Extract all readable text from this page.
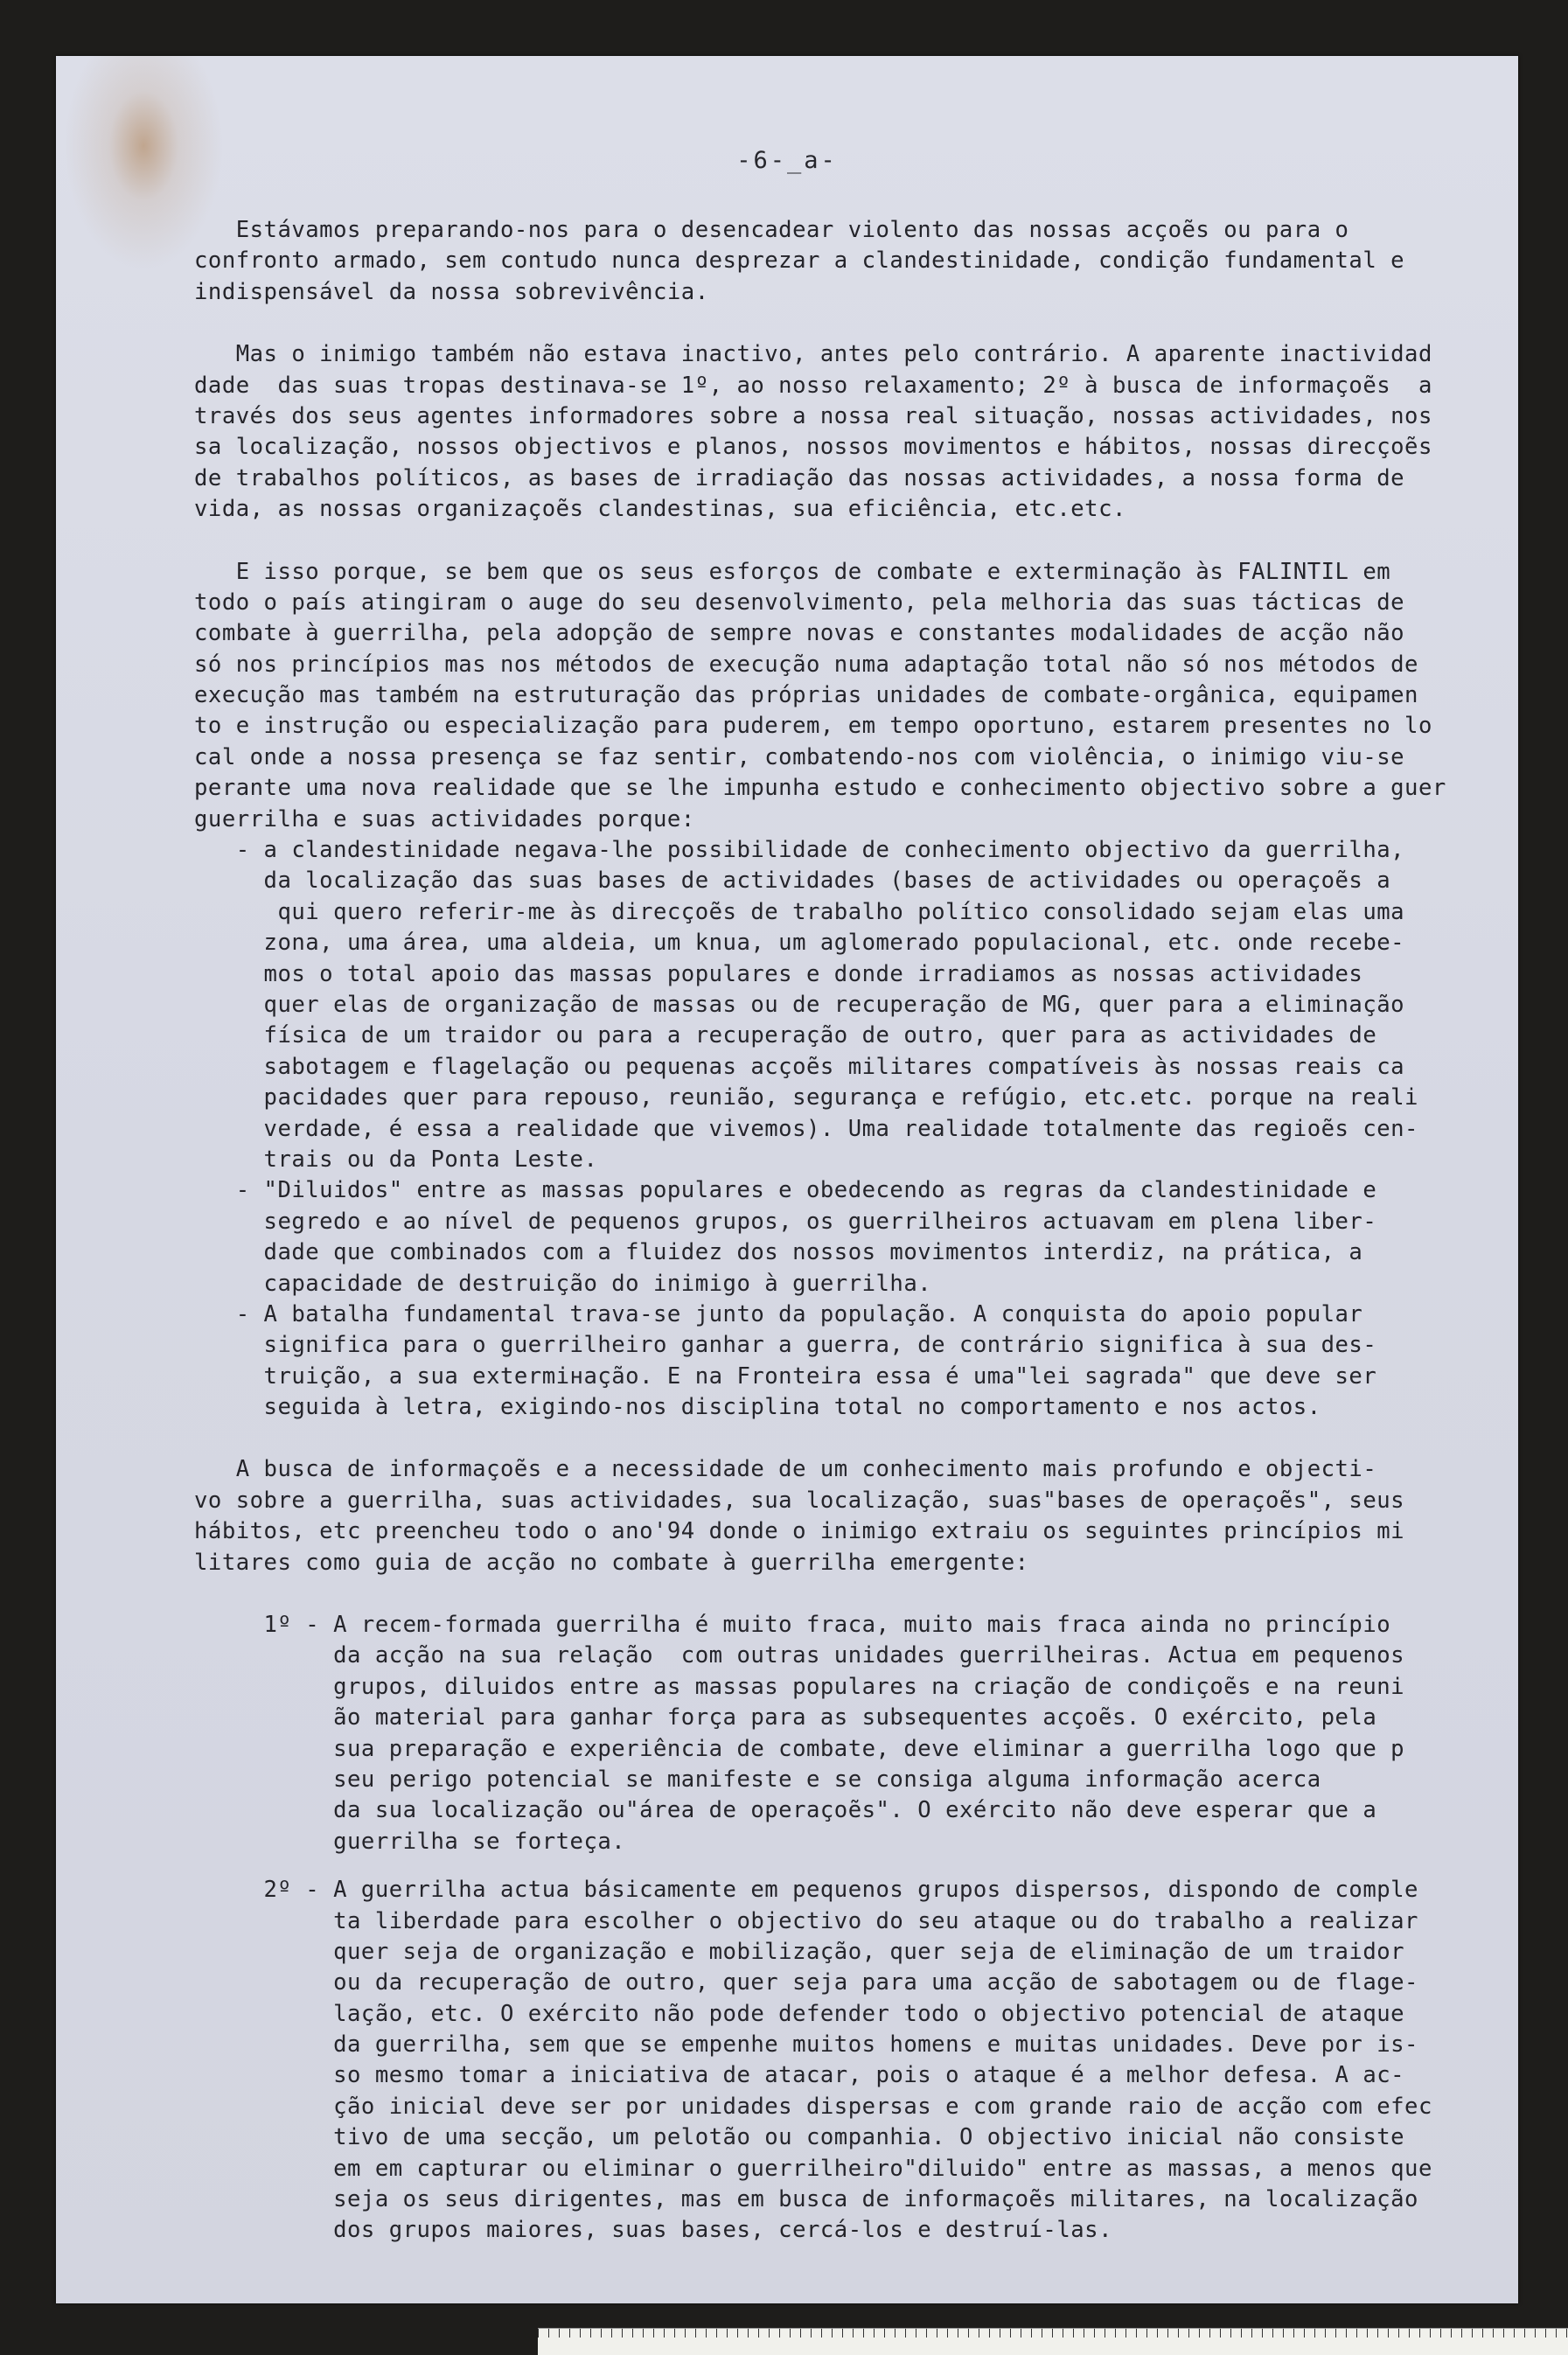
-6-_a-
Estávamos preparando-nos para o desencadear violento das nossas acçoẽs ou para o
confronto armado, sem contudo nunca desprezar a clandestinidade, condição fundamental e
indispensável da nossa sobrevivência.
Mas o inimigo também não estava inactivo, antes pelo contrário. A aparente inactividad
dade  das suas tropas destinava-se 1º, ao nosso relaxamento; 2º à busca de informaçoẽs  a
través dos seus agentes informadores sobre a nossa real situação, nossas actividades, nos
sa localização, nossos objectivos e planos, nossos movimentos e hábitos, nossas direcçoẽs
de trabalhos políticos, as bases de irradiação das nossas actividades, a nossa forma de
vida, as nossas organizaçoẽs clandestinas, sua eficiência, etc.etc.
E isso porque, se bem que os seus esforços de combate e exterminação às FALINTIL em
todo o país atingiram o auge do seu desenvolvimento, pela melhoria das suas tácticas de
combate à guerrilha, pela adopção de sempre novas e constantes modalidades de acção não
só nos princípios mas nos métodos de execução numa adaptação total não só nos métodos de
execução mas também na estruturação das próprias unidades de combate-orgânica, equipamen
to e instrução ou especialização para puderem, em tempo oportuno, estarem presentes no lo
cal onde a nossa presença se faz sentir, combatendo-nos com violência, o inimigo viu-se
perante uma nova realidade que se lhe impunha estudo e conhecimento objectivo sobre a guer
guerrilha e suas actividades porque:
- a clandestinidade negava-lhe possibilidade de conhecimento objectivo da guerrilha,
da localização das suas bases de actividades (bases de actividades ou operaçoẽs a
qui quero referir-me às direcçoẽs de trabalho político consolidado sejam elas uma
zona, uma área, uma aldeia, um knua, um aglomerado populacional, etc. onde recebe-
mos o total apoio das massas populares e donde irradiamos as nossas actividades
quer elas de organização de massas ou de recuperação de MG, quer para a eliminação
física de um traidor ou para a recuperação de outro, quer para as actividades de
sabotagem e flagelação ou pequenas acçoẽs militares compatíveis às nossas reais ca
pacidades quer para repouso, reunião, segurança e refúgio, etc.etc. porque na reali
verdade, é essa a realidade que vivemos). Uma realidade totalmente das regioẽs cen-
trais ou da Ponta Leste.
- "Diluidos" entre as massas populares e obedecendo as regras da clandestinidade e
segredo e ao nível de pequenos grupos, os guerrilheiros actuavam em plena liber-
dade que combinados com a fluidez dos nossos movimentos interdiz, na prática, a
capacidade de destruição do inimigo à guerrilha.
- A batalha fundamental trava-se junto da população. A conquista do apoio popular
significa para o guerrilheiro ganhar a guerra, de contrário significa à sua des-
truição, a sua extermінação. E na Fronteira essa é uma"lei sagrada" que deve ser
seguida à letra, exigindo-nos disciplina total no comportamento e nos actos.
A busca de informaçoẽs e a necessidade de um conhecimento mais profundo e objecti-
vo sobre a guerrilha, suas actividades, sua localização, suas"bases de operaçoẽs", seus
hábitos, etc preencheu todo o ano'94 donde o inimigo extraiu os seguintes princípios mi
litares como guia de acção no combate à guerrilha emergente:
1º - A recem-formada guerrilha é muito fraca, muito mais fraca ainda no princípio
da acção na sua relação  com outras unidades guerrilheiras. Actua em pequenos
grupos, diluidos entre as massas populares na criação de condiçoẽs e na reuni
ão material para ganhar força para as subsequentes acçoẽs. O exército, pela
sua preparação e experiência de combate, deve eliminar a guerrilha logo que p
seu perigo potencial se manifeste e se consiga alguma informação acerca
da sua localização ou"área de operaçoẽs". O exército não deve esperar que a
guerrilha se forteça.
2º - A guerrilha actua básicamente em pequenos grupos dispersos, dispondo de comple
ta liberdade para escolher o objectivo do seu ataque ou do trabalho a realizar
quer seja de organização e mobilização, quer seja de eliminação de um traidor
ou da recuperação de outro, quer seja para uma acção de sabotagem ou de flage-
lação, etc. O exército não pode defender todo o objectivo potencial de ataque
da guerrilha, sem que se empenhe muitos homens e muitas unidades. Deve por is-
so mesmo tomar a iniciativa de atacar, pois o ataque é a melhor defesa. A ac-
ção inicial deve ser por unidades dispersas e com grande raio de acção com efec
tivo de uma secção, um pelotão ou companhia. O objectivo inicial não consiste
em em capturar ou eliminar o guerrilheiro"diluido" entre as massas, a menos que
seja os seus dirigentes, mas em busca de informaçoẽs militares, na localização
dos grupos maiores, suas bases, cercá-los e destruí-las.
